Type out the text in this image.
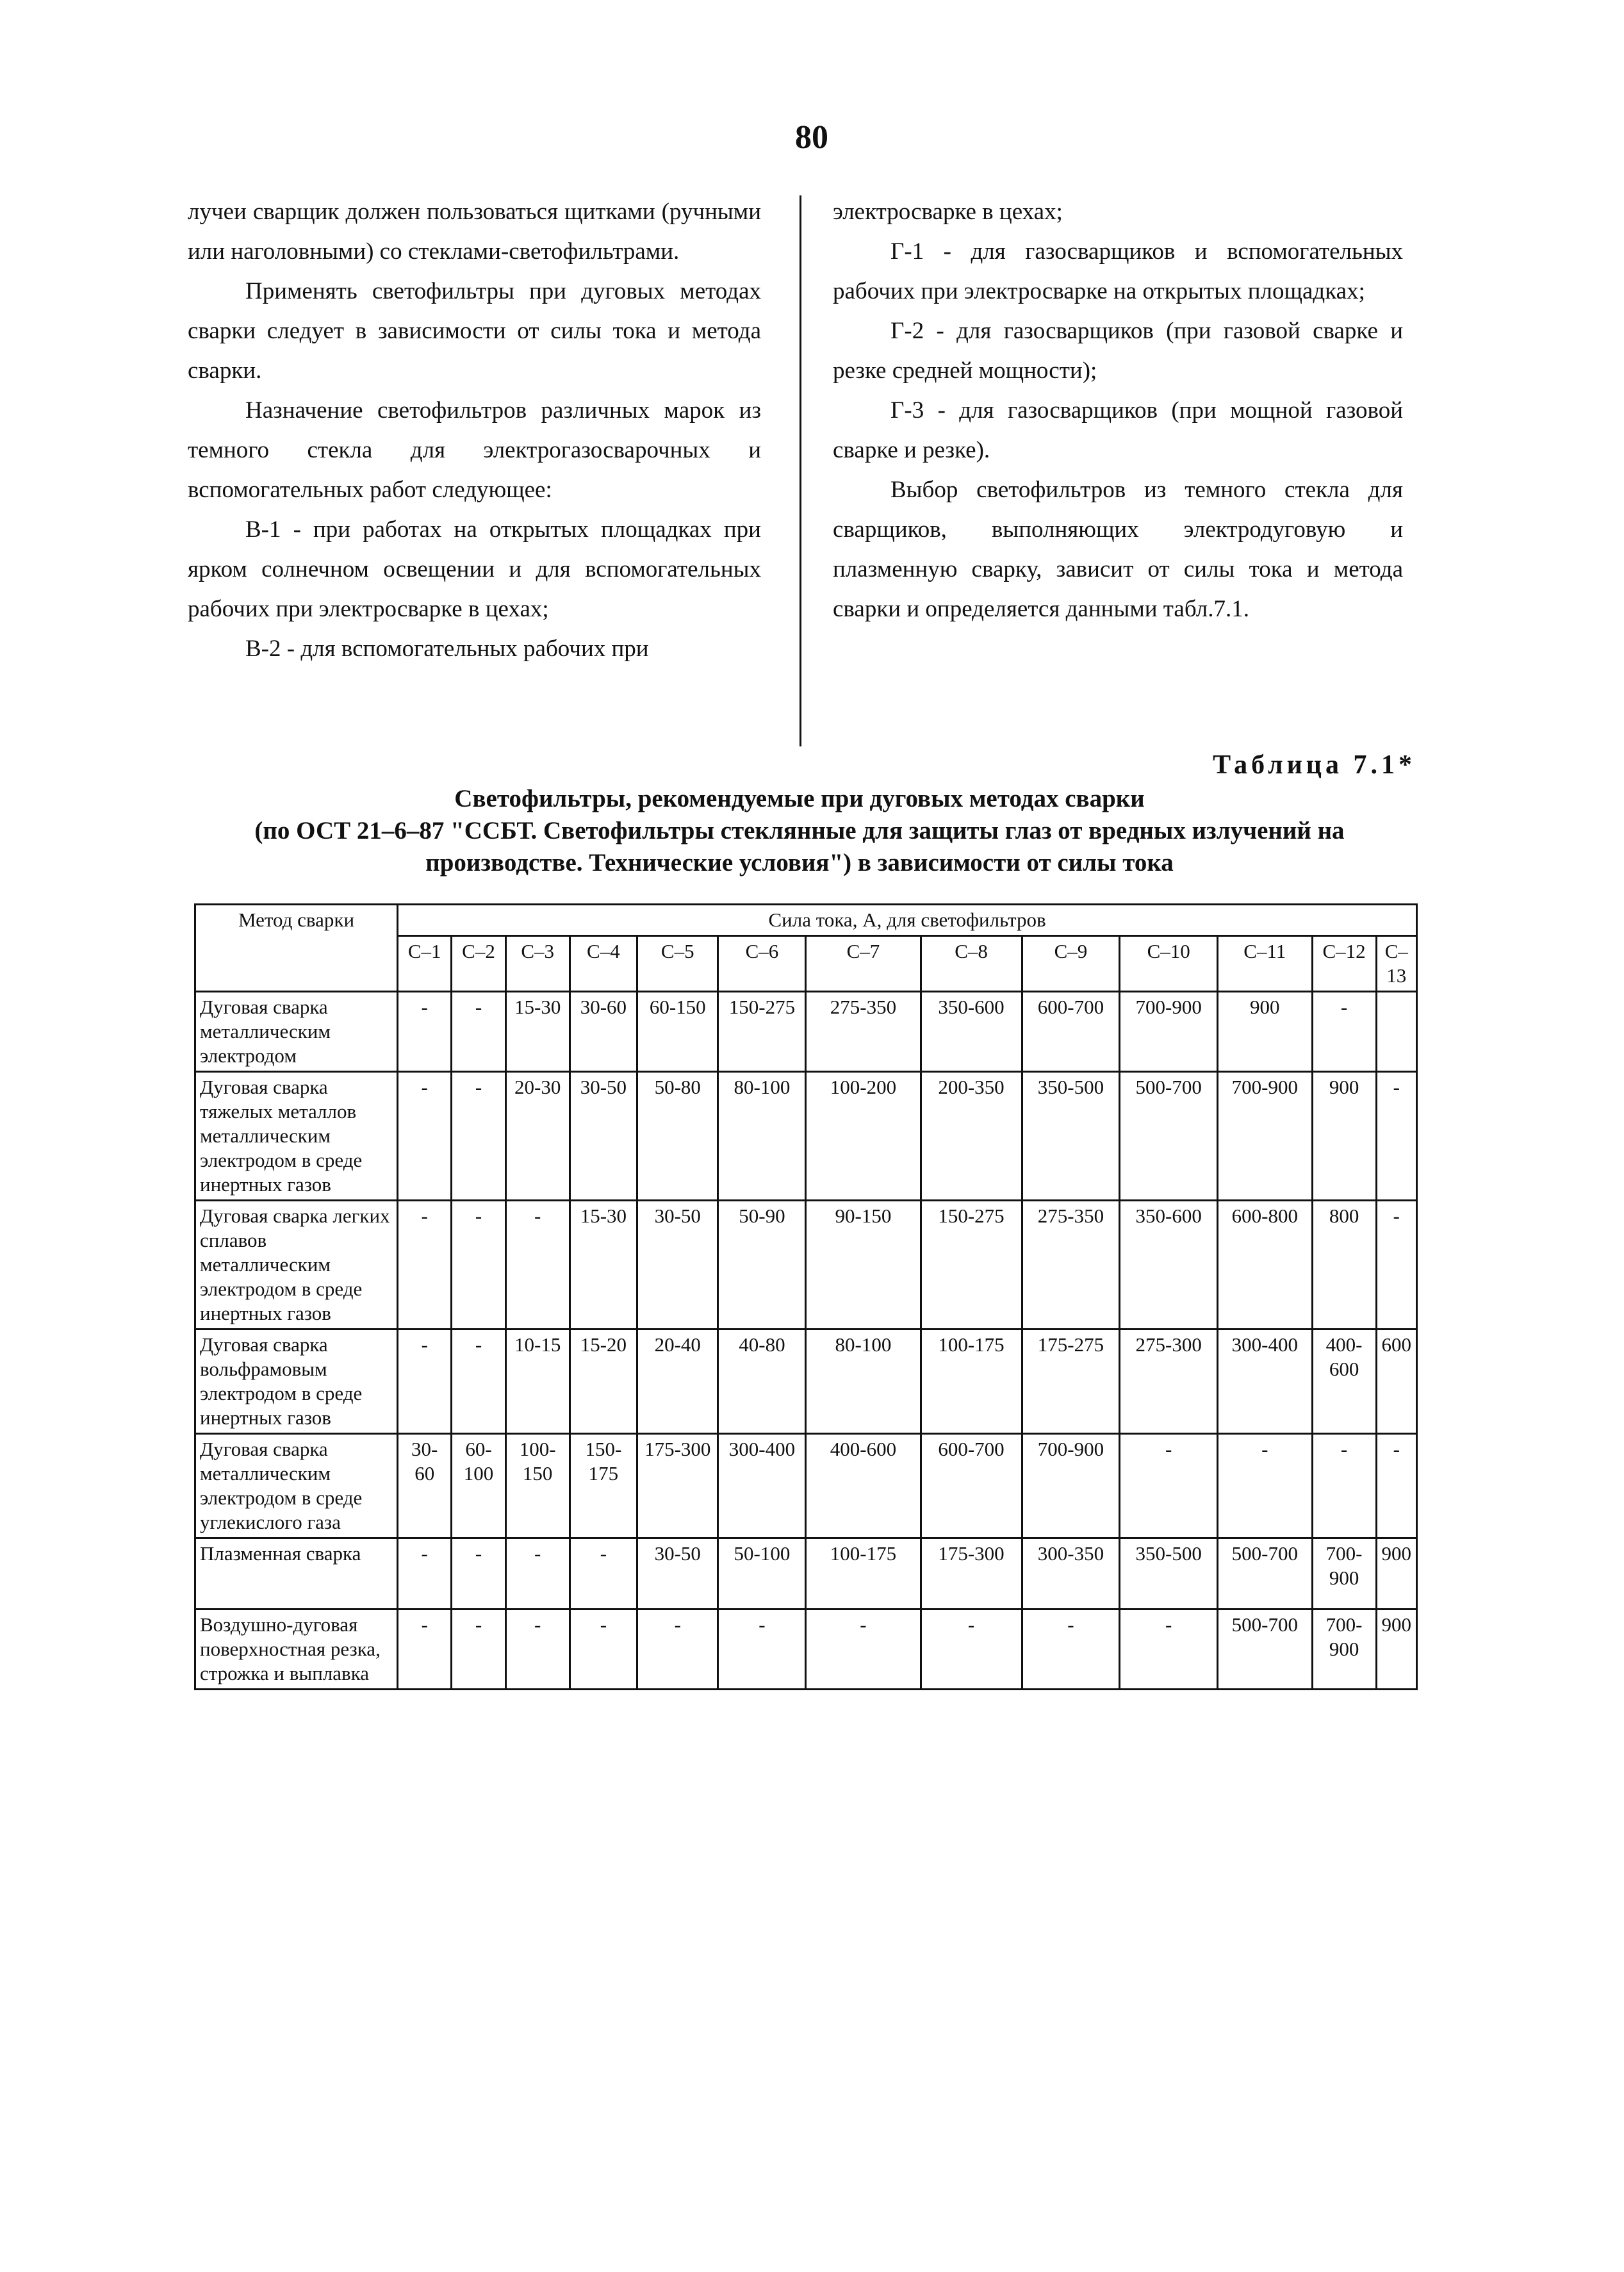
80

лучеи сварщик должен пользоваться щитками (ручными или наголовными) со стеклами-светофильтрами.

Применять светофильтры при дуговых методах сварки следует в зависимости от силы тока и метода сварки.

Назначение светофильтров различных марок из темного стекла для электрогазосварочных и вспомогательных работ следующее:

В-1 - при работах на открытых площадках при ярком солнечном освещении и для вспомогательных рабочих при электросварке в цехах;

В-2 - для вспомогательных рабочих при

электросварке в цехах;

Г-1 - для газосварщиков и вспомогательных рабочих при электросварке на открытых площадках;

Г-2 - для газосварщиков (при газовой сварке и резке средней мощности);

Г-3 - для газосварщиков (при мощной газовой сварке и резке).

Выбор светофильтров из темного стекла для сварщиков, выполняющих электродуговую и плазменную сварку, зависит от силы тока и метода сварки и определяется данными табл.7.1.

Таблица 7.1*
Светофильтры, рекомендуемые при дуговых методах сварки
(по ОСТ 21–6–87 "ССБТ. Светофильтры стеклянные для защиты глаз от вредных излучений на
производстве. Технические условия") в зависимости от силы тока
Метод сварки	Сила тока, А, для светофильтров												
	С–1	С–2	С–3	С–4	С–5	С–6	С–7	С–8	С–9	С–10	С–11	С–12	С–13
Дуговая сварка металлическим электродом	-	-	15-30	30-60	60-150	150-275	275-350	350-600	600-700	700-900	900	-	
Дуговая сварка тяжелых металлов металлическим электродом в среде инертных газов	-	-	20-30	30-50	50-80	80-100	100-200	200-350	350-500	500-700	700-900	900	-
Дуговая сварка легких сплавов металлическим электродом в среде инертных газов	-	-	-	15-30	30-50	50-90	90-150	150-275	275-350	350-600	600-800	800	-
Дуговая сварка вольфрамовым электродом в среде инертных газов	-	-	10-15	15-20	20-40	40-80	80-100	100-175	175-275	275-300	300-400	400-600	600
Дуговая сварка металлическим электродом в среде углекислого газа	30-60	60-100	100-150	150-175	175-300	300-400	400-600	600-700	700-900	-	-	-	-
Плазменная сварка	-	-	-	-	30-50	50-100	100-175	175-300	300-350	350-500	500-700	700-900	900
Воздушно-дуговая поверхностная резка, строжка и выплавка	-	-	-	-	-	-	-	-	-	-	500-700	700-900	900
